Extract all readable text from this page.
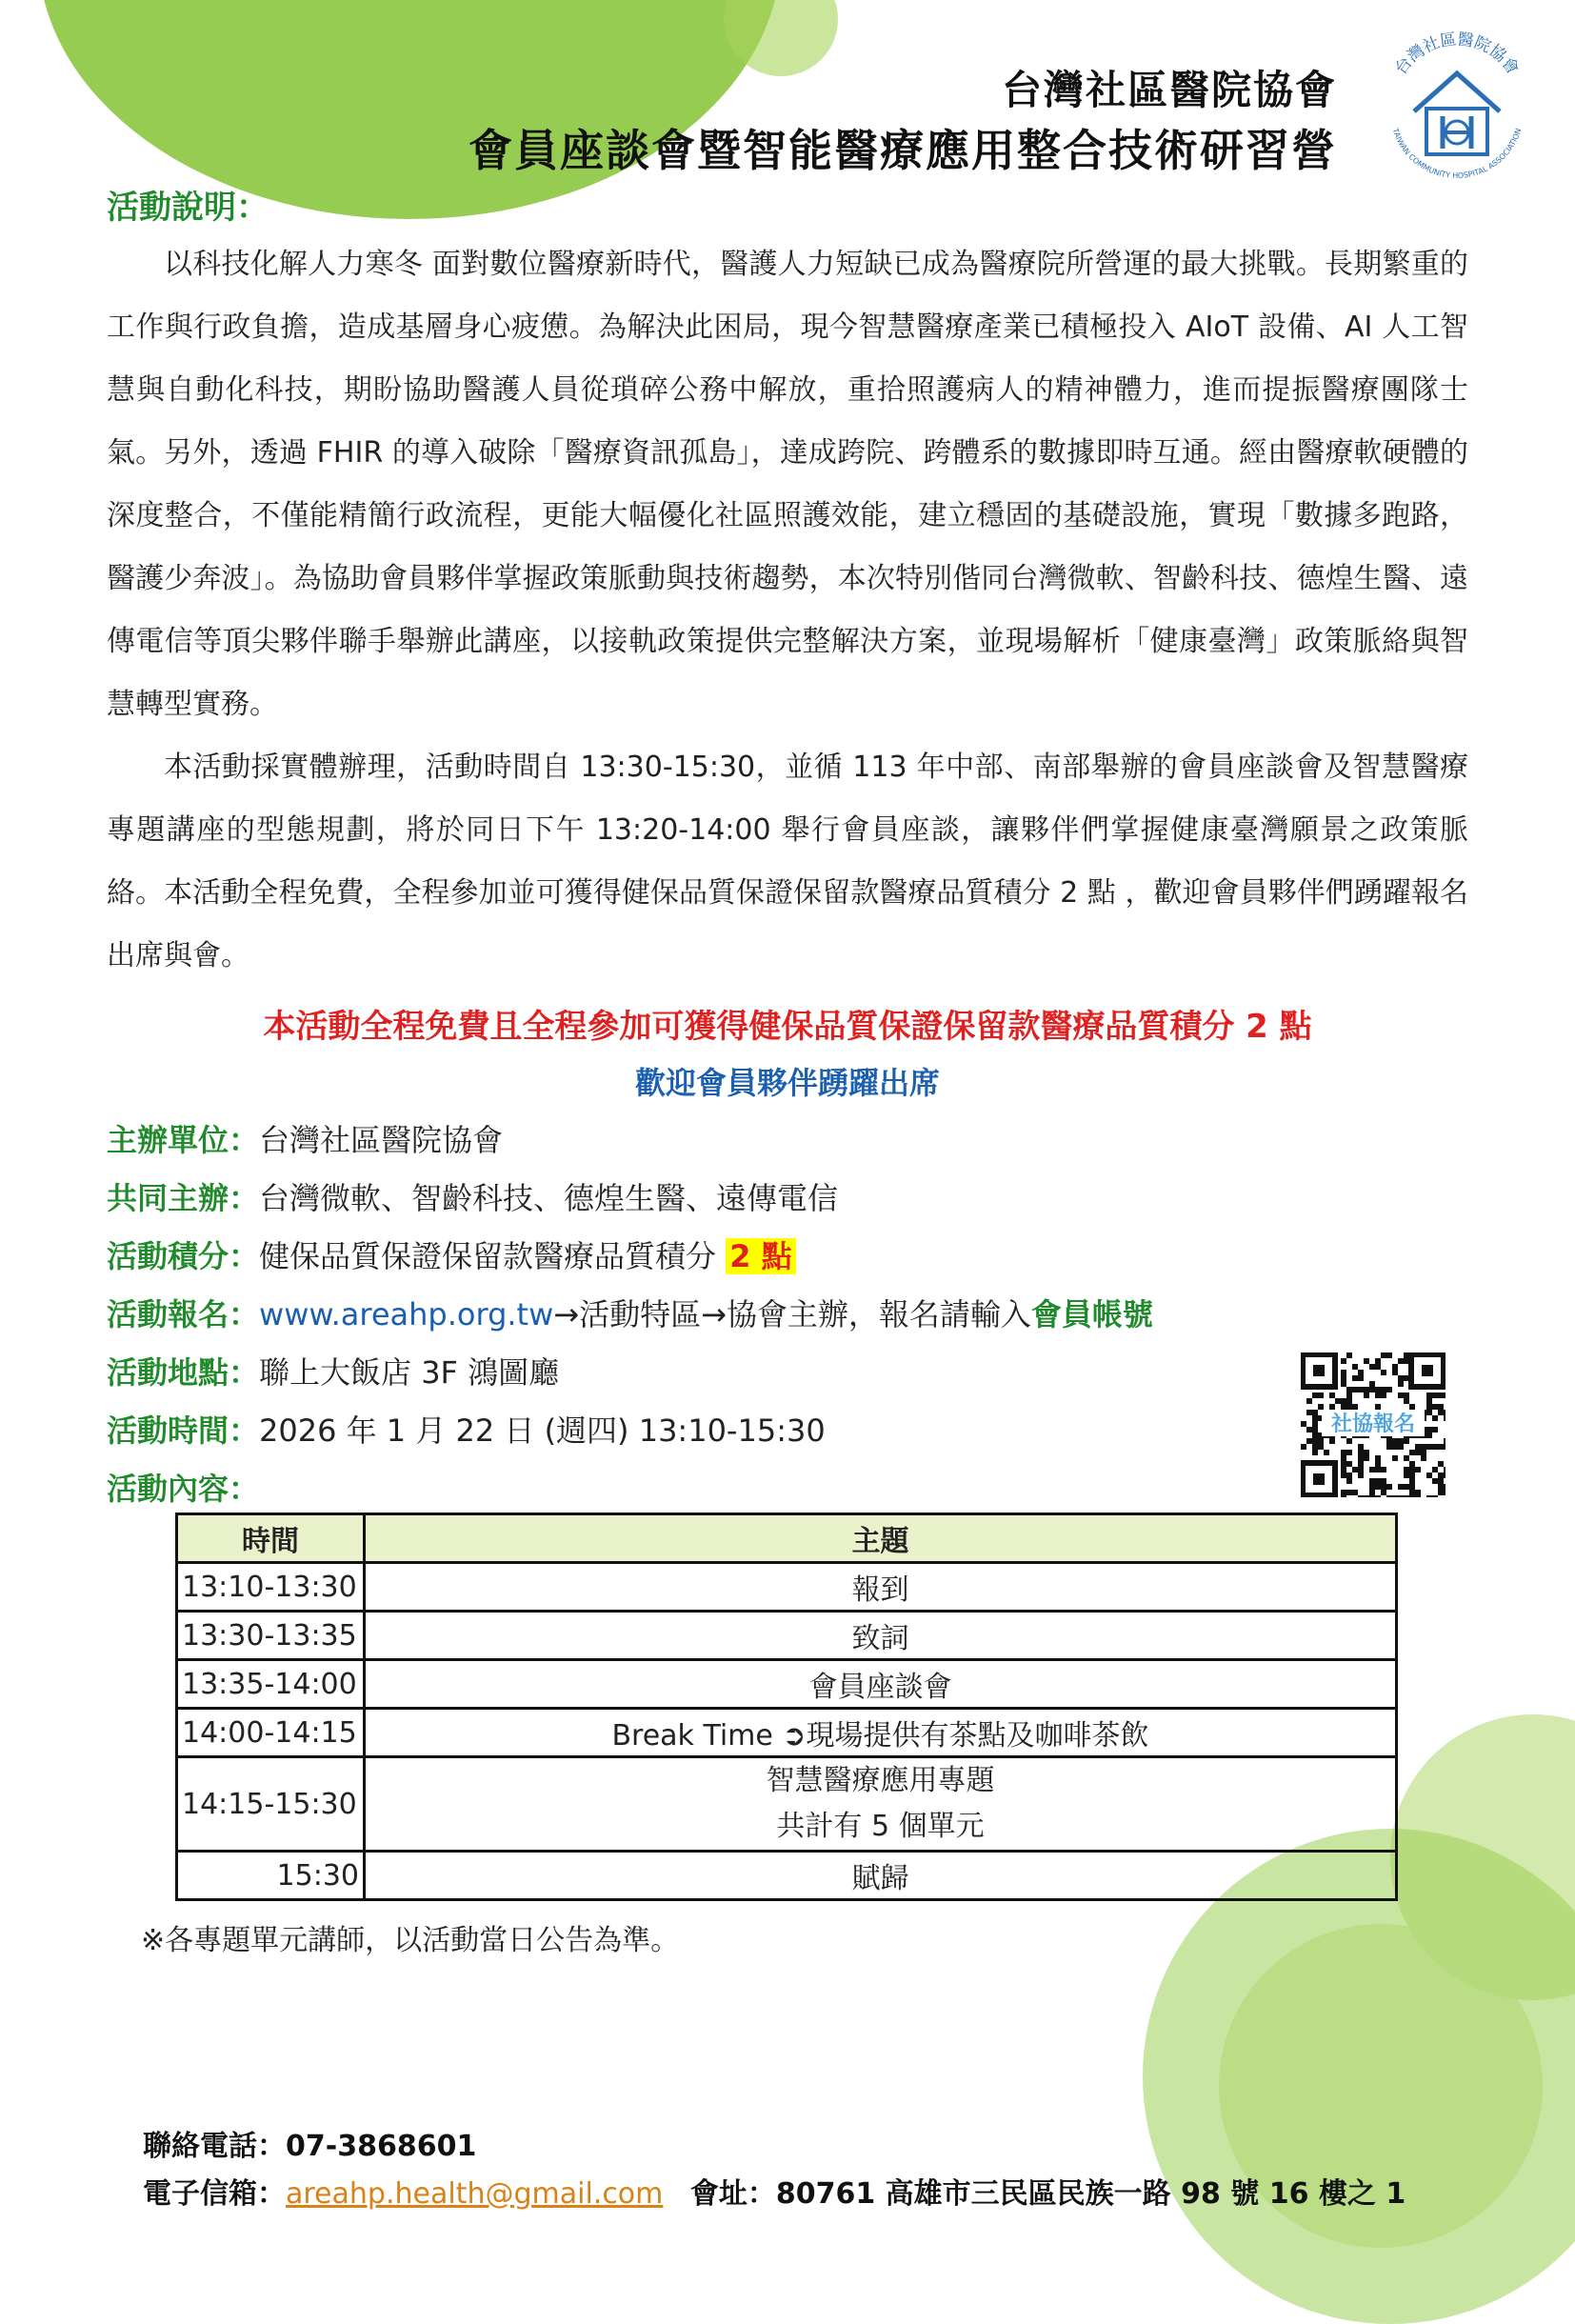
台灣社區醫院協會
會員座談會暨智能醫療應用整合技術研習營
台灣社區醫院協會
TAIWAN COMMUNITY HOSPITAL ASSOCIATION
活動說明：

以科技化解人力寒冬 面對數位醫療新時代，醫護人力短缺已成為醫療院所營運的最大挑戰。長期繁重的工作與行政負擔，造成基層身心疲憊。為解決此困局，現今智慧醫療產業已積極投入 AIoT 設備、AI 人工智慧與自動化科技，期盼協助醫護人員從瑣碎公務中解放，重拾照護病人的精神體力，進而提振醫療團隊士氣。另外，透過 FHIR 的導入破除「醫療資訊孤島」，達成跨院、跨體系的數據即時互通。經由醫療軟硬體的深度整合，不僅能精簡行政流程，更能大幅優化社區照護效能，建立穩固的基礎設施，實現「數據多跑路，醫護少奔波」。為協助會員夥伴掌握政策脈動與技術趨勢，本次特別偕同台灣微軟、智齡科技、德煌生醫、遠傳電信等頂尖夥伴聯手舉辦此講座，以接軌政策提供完整解決方案，並現場解析「健康臺灣」政策脈絡與智慧轉型實務。

本活動採實體辦理，活動時間自 13:30-15:30，並循 113 年中部、南部舉辦的會員座談會及智慧醫療專題講座的型態規劃，將於同日下午 13:20-14:00 舉行會員座談，讓夥伴們掌握健康臺灣願景之政策脈絡。本活動全程免費，全程參加並可獲得健保品質保證保留款醫療品質積分 2 點 ，歡迎會員夥伴們踴躍報名出席與會。

本活動全程免費且全程參加可獲得健保品質保證保留款醫療品質積分 2 點
歡迎會員夥伴踴躍出席
主辦單位：台灣社區醫院協會
共同主辦：台灣微軟、智齡科技、德煌生醫、遠傳電信
活動積分：健保品質保證保留款醫療品質積分 2 點
活動報名：www.areahp.org.tw→活動特區→協會主辦，報名請輸入會員帳號
活動地點：聯上大飯店 3F 鴻圖廳
活動時間：2026 年 1 月 22 日 (週四) 13:10-15:30
活動內容：
社協報名
時間	主題
13:10-13:30	報到
13:30-13:35	致詞
13:35-14:00	會員座談會
14:00-14:15	Break Time ➲現場提供有茶點及咖啡茶飲
14:15-15:30	智慧醫療應用專題
共計有 5 個單元

15:30	賦歸
※各專題單元講師，以活動當日公告為準。
聯絡電話：07-3868601
電子信箱：areahp.health@gmail.com 會址：80761 高雄市三民區民族一路 98 號 16 樓之 1
